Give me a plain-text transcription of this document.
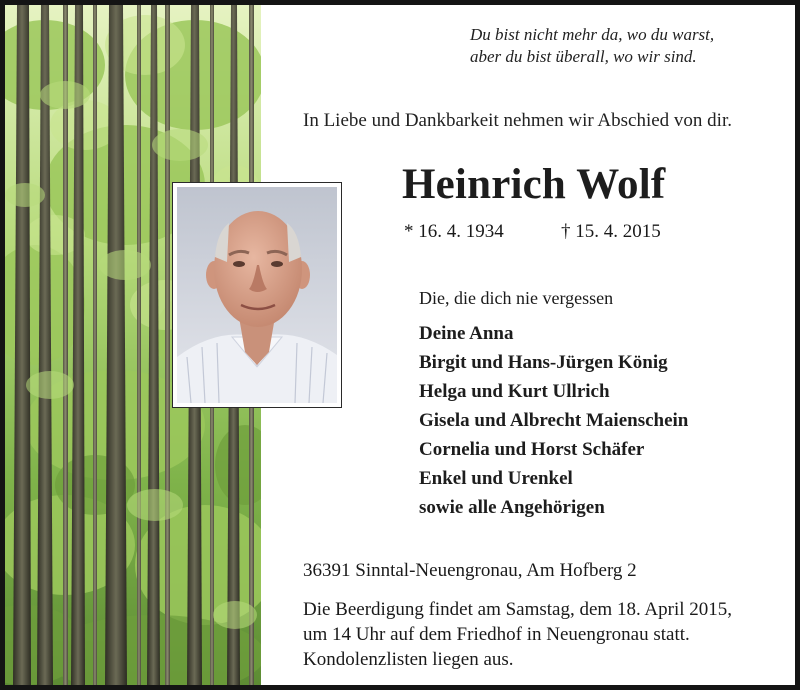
Du bist nicht mehr da, wo du warst,
aber du bist überall, wo wir sind.
In Liebe und Dankbarkeit nehmen wir Abschied von dir.
Heinrich Wolf
* 16. 4. 1934	† 15. 4. 2015
Die, die dich nie vergessen
Deine Anna
Birgit und Hans-Jürgen König
Helga und Kurt Ullrich
Gisela und Albrecht Maienschein
Cornelia und Horst Schäfer
Enkel und Urenkel
sowie alle Angehörigen
36391 Sinntal-Neuengronau, Am Hofberg 2
Die Beerdigung findet am Samstag, dem 18. April 2015,
um 14 Uhr auf dem Friedhof in Neuengronau statt.
Kondolenzlisten liegen aus.
